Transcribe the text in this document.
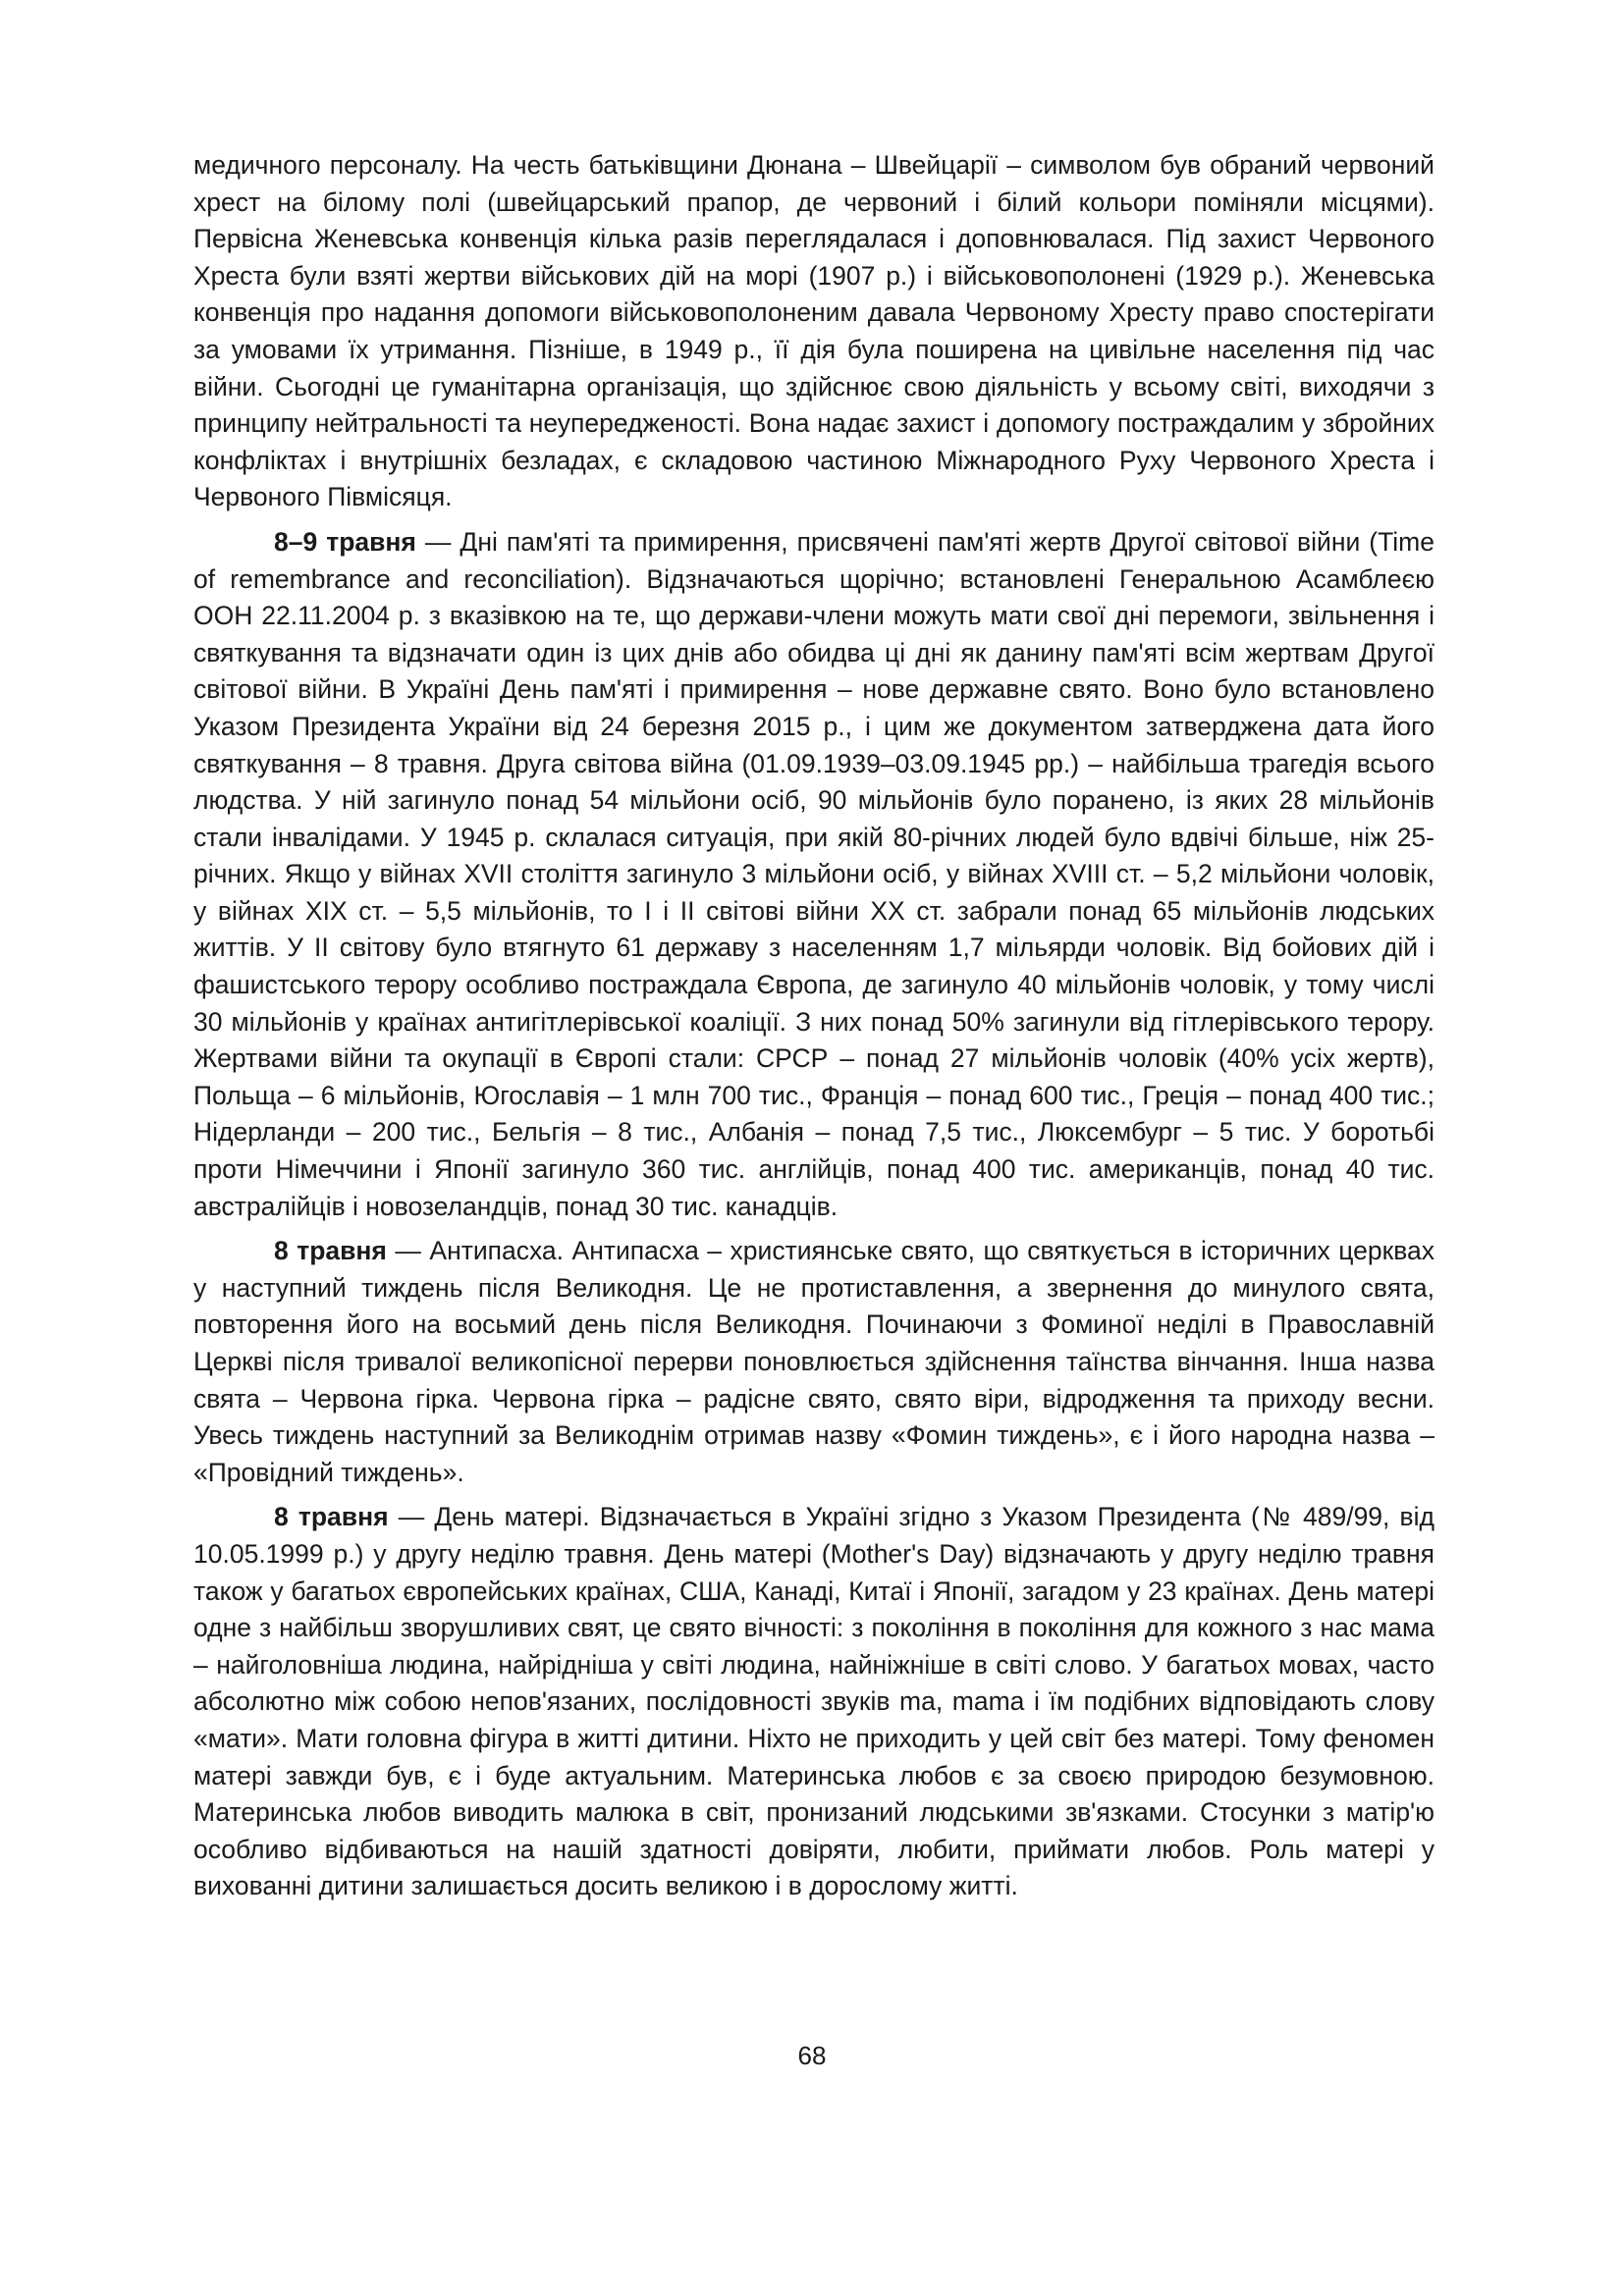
медичного персоналу. На честь батьківщини Дюнана – Швейцарії – символом був обраний червоний хрест на білому полі (швейцарський прапор, де червоний і білий кольори поміняли місцями). Первісна Женевська конвенція кілька разів переглядалася і доповнювалася. Під захист Червоного Хреста були взяті жертви військових дій на морі (1907 р.) і військовополонені (1929 р.). Женевська конвенція про надання допомоги військовополоненим давала Червоному Хресту право спостерігати за умовами їх утримання. Пізніше, в 1949 р., її дія була поширена на цивільне населення під час війни. Сьогодні це гуманітарна організація, що здійснює свою діяльність у всьому світі, виходячи з принципу нейтральності та неупередженості. Вона надає захист і допомогу постраждалим у збройних конфліктах і внутрішніх безладах, є складовою частиною Міжнародного Руху Червоного Хреста і Червоного Півмісяця.

8–9 травня — Дні пам'яті та примирення, присвячені пам'яті жертв Другої світової війни (Time of remembrance and reconciliation). Відзначаються щорічно; встановлені Генеральною Асамблеєю ООН 22.11.2004 р. з вказівкою на те, що держави-члени можуть мати свої дні перемоги, звільнення і святкування та відзначати один із цих днів або обидва ці дні як данину пам'яті всім жертвам Другої світової війни. В Україні День пам'яті і примирення – нове державне свято. Воно було встановлено Указом Президента України від 24 березня 2015 р., і цим же документом затверджена дата його святкування – 8 травня. Друга світова війна (01.09.1939–03.09.1945 рр.) – найбільша трагедія всього людства. У ній загинуло понад 54 мільйони осіб, 90 мільйонів було поранено, із яких 28 мільйонів стали інвалідами. У 1945 р. склалася ситуація, при якій 80-річних людей було вдвічі більше, ніж 25-річних. Якщо у війнах XVII століття загинуло 3 мільйони осіб, у війнах XVIII ст. – 5,2 мільйони чоловік, у війнах XIX ст. – 5,5 мільйонів, то I і II світові війни XX ст. забрали понад 65 мільйонів людських життів. У II світову було втягнуто 61 державу з населенням 1,7 мільярди чоловік. Від бойових дій і фашистського терору особливо постраждала Європа, де загинуло 40 мільйонів чоловік, у тому числі 30 мільйонів у країнах антигітлерівської коаліції. З них понад 50% загинули від гітлерівського терору. Жертвами війни та окупації в Європі стали: СРСР – понад 27 мільйонів чоловік (40% усіх жертв), Польща – 6 мільйонів, Югославія – 1 млн 700 тис., Франція – понад 600 тис., Греція – понад 400 тис.; Нідерланди – 200 тис., Бельгія – 8 тис., Албанія – понад 7,5 тис., Люксембург – 5 тис. У боротьбі проти Німеччини і Японії загинуло 360 тис. англійців, понад 400 тис. американців, понад 40 тис. австралійців і новозеландців, понад 30 тис. канадців.

8 травня — Антипасха. Антипасха – християнське свято, що святкується в історичних церквах у наступний тиждень після Великодня. Це не протиставлення, а звернення до минулого свята, повторення його на восьмий день після Великодня. Починаючи з Фоминої неділі в Православній Церкві після тривалої великопісної перерви поновлюється здійснення таїнства вінчання. Інша назва свята – Червона гірка. Червона гірка – радісне свято, свято віри, відродження та приходу весни. Увесь тиждень наступний за Великоднім отримав назву «Фомин тиждень», є і його народна назва – «Провідний тиждень».

8 травня — День матері. Відзначається в Україні згідно з Указом Президента (№ 489/99, від 10.05.1999 р.) у другу неділю травня. День матері (Mother's Day) відзначають у другу неділю травня також у багатьох європейських країнах, США, Канаді, Китаї і Японії, загадом у 23 країнах. День матері одне з найбільш зворушливих свят, це свято вічності: з покоління в покоління для кожного з нас мама – найголовніша людина, найрідніша у світі людина, найніжніше в світі слово. У багатьох мовах, часто абсолютно між собою непов'язаних, послідовності звуків ma, mama і їм подібних відповідають слову «мати». Мати головна фігура в житті дитини. Ніхто не приходить у цей світ без матері. Тому феномен матері завжди був, є і буде актуальним. Материнська любов є за своєю природою безумовною. Материнська любов виводить малюка в світ, пронизаний людськими зв'язками. Стосунки з матір'ю особливо відбиваються на нашій здатності довіряти, любити, приймати любов. Роль матері у вихованні дитини залишається досить великою і в дорослому житті.

68
